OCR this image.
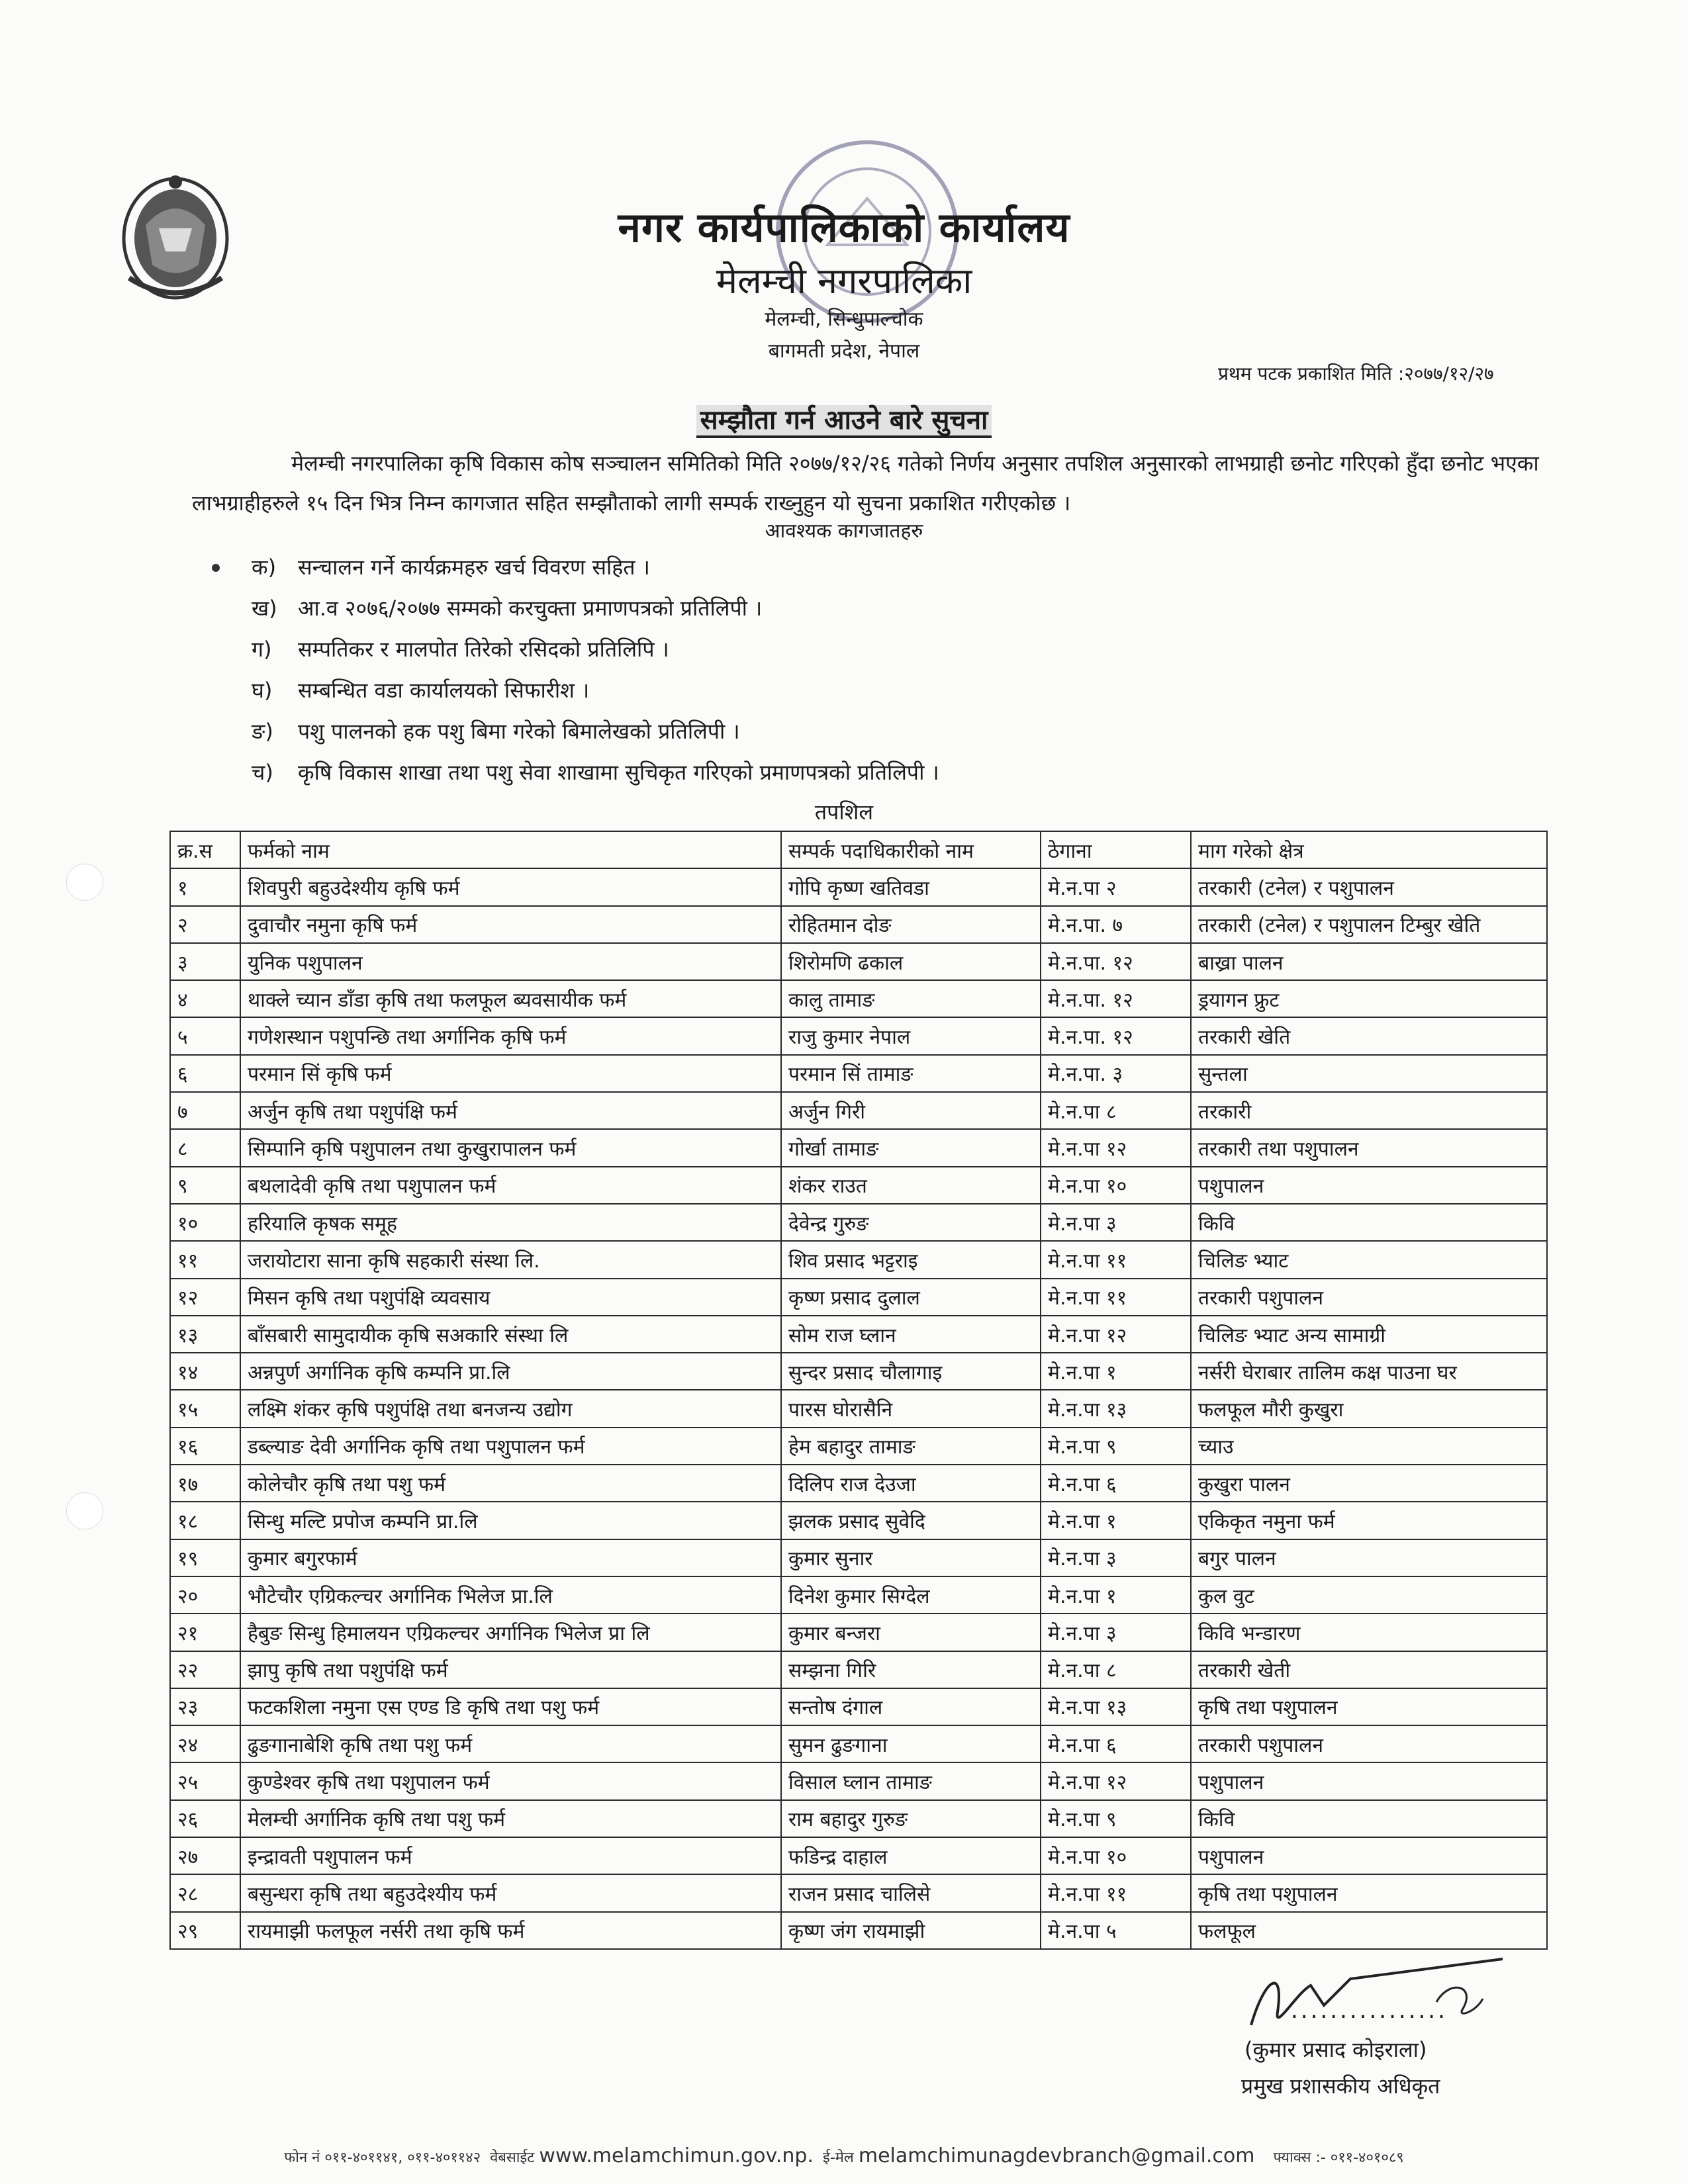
नगर कार्यपालिकाको कार्यालय
मेलम्ची नगरपालिका
मेलम्ची, सिन्धुपाल्चोक
बागमती प्रदेश, नेपाल
प्रथम पटक प्रकाशित मिति :२०७७/१२/२७
सम्झौता गर्न आउने बारे सुचना
मेलम्ची नगरपालिका कृषि विकास कोष सञ्चालन समितिको मिति २०७७/१२/२६ गतेको निर्णय अनुसार तपशिल अनुसारको लाभग्राही छनोट गरिएको हुँदा छनोट भएका लाभग्राहीहरुले १५ दिन भित्र निम्न कागजात सहित सम्झौताको लागी सम्पर्क राख्नुहुन यो सुचना प्रकाशित गरीएकोछ ।
आवश्यक कागजातहरु
क) सन्चालन गर्ने कार्यक्रमहरु खर्च विवरण सहित ।
ख) आ.व २०७६/२०७७ सम्मको करचुक्ता प्रमाणपत्रको प्रतिलिपी ।
ग) सम्पतिकर र मालपोत तिरेको रसिदको प्रतिलिपि ।
घ) सम्बन्धित वडा कार्यालयको सिफारीश ।
ङ) पशु पालनको हक पशु बिमा गरेको बिमालेखको प्रतिलिपी ।
च) कृषि विकास शाखा तथा पशु सेवा शाखामा सुचिकृत गरिएको प्रमाणपत्रको प्रतिलिपी ।
तपशिल
क्र.स	फर्मको नाम	सम्पर्क पदाधिकारीको नाम	ठेगाना	माग गरेको क्षेत्र
१	शिवपुरी बहुउदेश्यीय कृषि फर्म	गोपि कृष्ण खतिवडा	मे.न.पा २	तरकारी (टनेल) र पशुपालन
२	दुवाचौर नमुना कृषि फर्म	रोहितमान दोङ	मे.न.पा. ७	तरकारी (टनेल) र पशुपालन टिम्बुर खेति
३	युनिक पशुपालन	शिरोमणि ढकाल	मे.न.पा. १२	बाख्रा पालन
४	थाक्ले च्यान डाँडा कृषि तथा फलफूल ब्यवसायीक फर्म	कालु तामाङ	मे.न.पा. १२	ड्रयागन फ्रुट
५	गणेशस्थान पशुपन्छि तथा अर्गानिक कृषि फर्म	राजु कुमार नेपाल	मे.न.पा. १२	तरकारी खेति
६	परमान सिं कृषि फर्म	परमान सिं तामाङ	मे.न.पा. ३	सुन्तला
७	अर्जुन कृषि तथा पशुपंक्षि फर्म	अर्जुन गिरी	मे.न.पा ८	तरकारी
८	सिम्पानि कृषि पशुपालन तथा कुखुरापालन फर्म	गोर्खा तामाङ	मे.न.पा १२	तरकारी तथा पशुपालन
९	बथलादेवी कृषि तथा पशुपालन फर्म	शंकर राउत	मे.न.पा १०	पशुपालन
१०	हरियालि कृषक समूह	देवेन्द्र गुरुङ	मे.न.पा ३	किवि
११	जरायोटारा साना कृषि सहकारी संस्था लि.	शिव प्रसाद भट्टराइ	मे.न.पा ११	चिलिङ भ्याट
१२	मिसन कृषि तथा पशुपंक्षि व्यवसाय	कृष्ण प्रसाद दुलाल	मे.न.पा ११	तरकारी पशुपालन
१३	बाँसबारी सामुदायीक कृषि सअकारि संस्था लि	सोम राज घ्लान	मे.न.पा १२	चिलिङ भ्याट अन्य सामाग्री
१४	अन्नपुर्ण अर्गानिक कृषि कम्पनि प्रा.लि	सुन्दर प्रसाद चौलागाइ	मे.न.पा १	नर्सरी घेराबार तालिम कक्ष पाउना घर
१५	लक्ष्मि शंकर कृषि पशुपंक्षि तथा बनजन्य उद्योग	पारस घोरासैनि	मे.न.पा १३	फलफूल मौरी कुखुरा
१६	डब्ल्याङ देवी अर्गानिक कृषि तथा पशुपालन फर्म	हेम बहादुर तामाङ	मे.न.पा ९	च्याउ
१७	कोलेचौर कृषि तथा पशु फर्म	दिलिप राज देउजा	मे.न.पा ६	कुखुरा पालन
१८	सिन्धु मल्टि प्रपोज कम्पनि प्रा.लि	झलक प्रसाद सुवेदि	मे.न.पा १	एकिकृत नमुना फर्म
१९	कुमार बगुरफार्म	कुमार सुनार	मे.न.पा ३	बगुर पालन
२०	भौटेचौर एग्रिकल्चर अर्गानिक भिलेज प्रा.लि	दिनेश कुमार सिग्देल	मे.न.पा १	कुल वुट
२१	हैबुङ सिन्धु हिमालयन एग्रिकल्चर अर्गानिक भिलेज प्रा लि	कुमार बन्जरा	मे.न.पा ३	किवि भन्डारण
२२	झापु कृषि तथा पशुपंक्षि फर्म	सम्झना गिरि	मे.न.पा ८	तरकारी खेती
२३	फटकशिला नमुना एस एण्ड डि कृषि तथा पशु फर्म	सन्तोष दंगाल	मे.न.पा १३	कृषि तथा पशुपालन
२४	ढुङगानाबेशि कृषि तथा पशु फर्म	सुमन ढुङगाना	मे.न.पा ६	तरकारी पशुपालन
२५	कुण्डेश्वर कृषि तथा पशुपालन फर्म	विसाल घ्लान तामाङ	मे.न.पा १२	पशुपालन
२६	मेलम्ची अर्गानिक कृषि तथा पशु फर्म	राम बहादुर गुरुङ	मे.न.पा ९	किवि
२७	इन्द्रावती पशुपालन फर्म	फडिन्द्र दाहाल	मे.न.पा १०	पशुपालन
२८	बसुन्धरा कृषि तथा बहुउदेश्यीय फर्म	राजन प्रसाद चालिसे	मे.न.पा ११	कृषि तथा पशुपालन
२९	रायमाझी फलफूल नर्सरी तथा कृषि फर्म	कृष्ण जंग रायमाझी	मे.न.पा ५	फलफूल
................
(कुमार प्रसाद कोइराला)
प्रमुख प्रशासकीय अधिकृत
फोन नं ०११-४०११४१, ०११-४०११४२ वेबसाईट www.melamchimun.gov.np. ई-मेल melamchimunagdevbranch@gmail.com फ्याक्स :- ०११-४०१०८९
